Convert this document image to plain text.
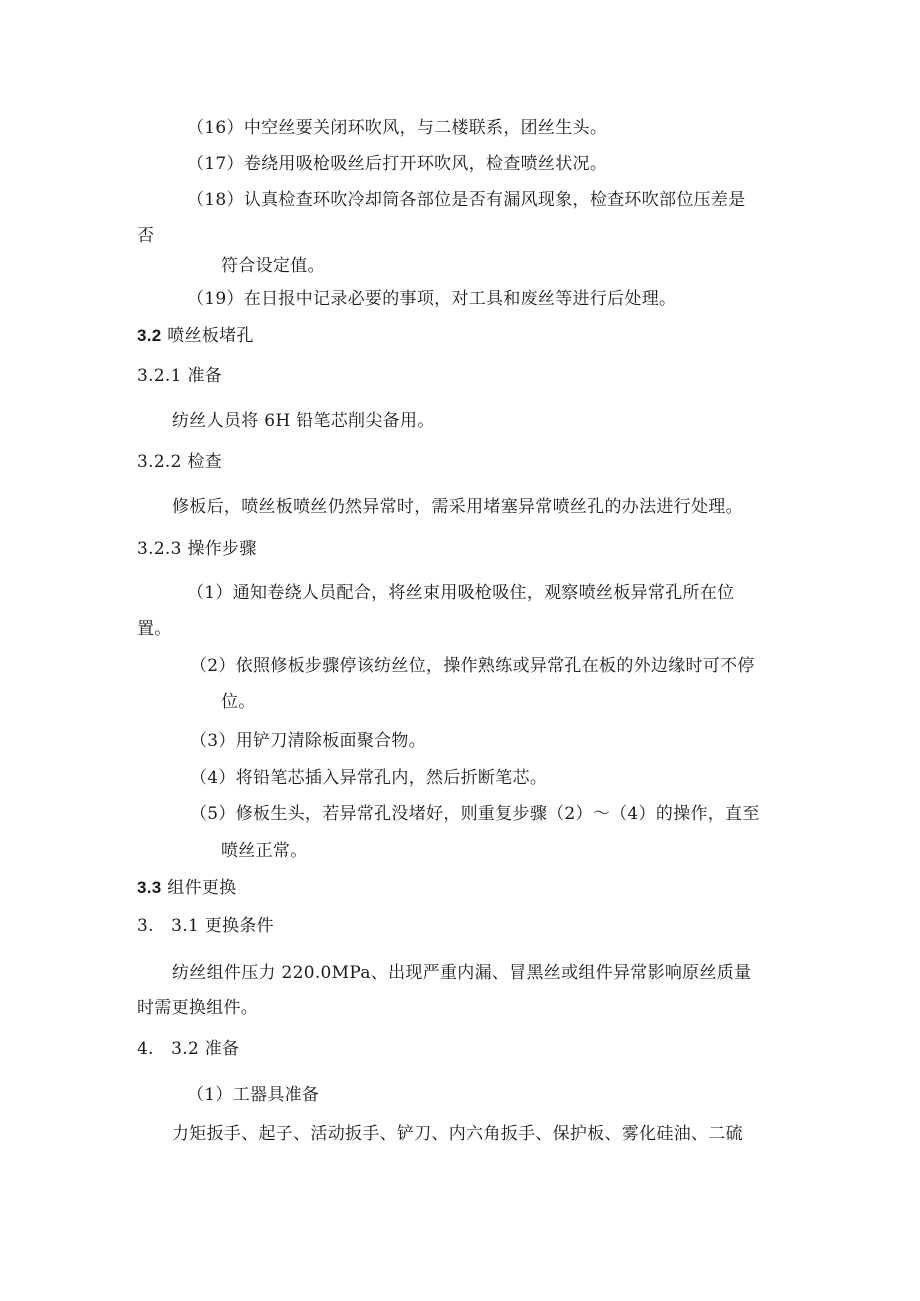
（16）中空丝要关闭环吹风，与二楼联系，团丝生头。
（17）卷绕用吸枪吸丝后打开环吹风，检查喷丝状况。
（18）认真检查环吹冷却筒各部位是否有漏风现象，检查环吹部位压差是
否
符合设定值。
（19）在日报中记录必要的事项，对工具和废丝等进行后处理。
3.2 喷丝板堵孔
3.2.1 准备
纺丝人员将 6H 铅笔芯削尖备用。
3.2.2 检查
修板后，喷丝板喷丝仍然异常时，需采用堵塞异常喷丝孔的办法进行处理。
3.2.3 操作步骤
（1）通知卷绕人员配合，将丝束用吸枪吸住，观察喷丝板异常孔所在位
置。
（2）依照修板步骤停该纺丝位，操作熟练或异常孔在板的外边缘时可不停
位。
（3）用铲刀清除板面聚合物。
（4）将铅笔芯插入异常孔内，然后折断笔芯。
（5）修板生头，若异常孔没堵好，则重复步骤（2）～（4）的操作，直至
喷丝正常。
3.3 组件更换
3.　3.1 更换条件
纺丝组件压力 220.0MPa、出现严重内漏、冒黑丝或组件异常影响原丝质量
时需更换组件。
4.　3.2 准备
（1）工器具准备
力矩扳手、起子、活动扳手、铲刀、内六角扳手、保护板、雾化硅油、二硫
